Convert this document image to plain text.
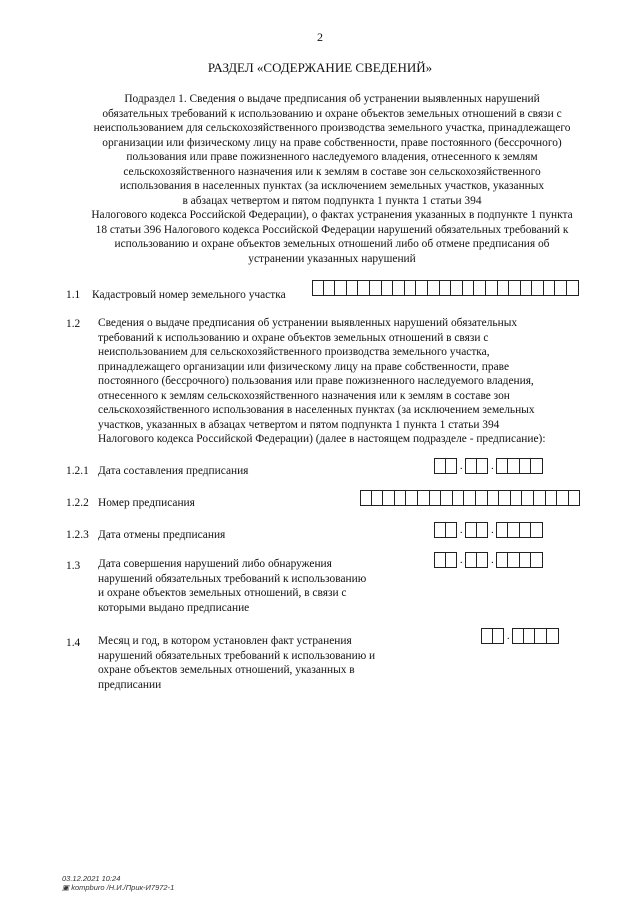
2
РАЗДЕЛ «СОДЕРЖАНИЕ СВЕДЕНИЙ»
Подраздел 1. Сведения о выдаче предписания об устранении выявленных нарушений
обязательных требований к использованию и охране объектов земельных отношений в связи с
неиспользованием для сельскохозяйственного производства земельного участка, принадлежащего
организации или физическому лицу на праве собственности, праве постоянного (бессрочного)
пользования или праве пожизненного наследуемого владения, отнесенного к землям
сельскохозяйственного назначения или к землям в составе зон сельскохозяйственного
использования в населенных пунктах (за исключением земельных участков, указанных
в абзацах четвертом и пятом подпункта 1 пункта 1 статьи 394
Налогового кодекса Российской Федерации), о фактах устранения указанных в подпункте 1 пункта
18 статьи 396 Налогового кодекса Российской Федерации нарушений обязательных требований к
использованию и охране объектов земельных отношений либо об отмене предписания об
устранении указанных нарушений
1.1 Кадастровый номер земельного участка
1.2 Сведения о выдаче предписания об устранении выявленных нарушений обязательных
требований к использованию и охране объектов земельных отношений в связи с
неиспользованием для сельскохозяйственного производства земельного участка,
принадлежащего организации или физическому лицу на праве собственности, праве
постоянного (бессрочного) пользования или праве пожизненного наследуемого владения,
отнесенного к землям сельскохозяйственного назначения или к землям в составе зон
сельскохозяйственного использования в населенных пунктах (за исключением земельных
участков, указанных в абзацах четвертом и пятом подпункта 1 пункта 1 статьи 394
Налогового кодекса Российской Федерации) (далее в настоящем подразделе - предписание):
1.2.1 Дата составления предписания	.	.
1.2.2 Номер предписания
1.2.3 Дата отмены предписания	.	.
1.3 Дата совершения нарушений либо обнаружения
нарушений обязательных требований к использованию
и охране объектов земельных отношений, в связи с
которыми выдано предписание
.	.
1.4 Месяц и год, в котором установлен факт устранения
нарушений обязательных требований к использованию и
охране объектов земельных отношений, указанных в
предписании
.
03.12.2021 10:24
▣ kompburo /Н.И./Прик-И7972-1
